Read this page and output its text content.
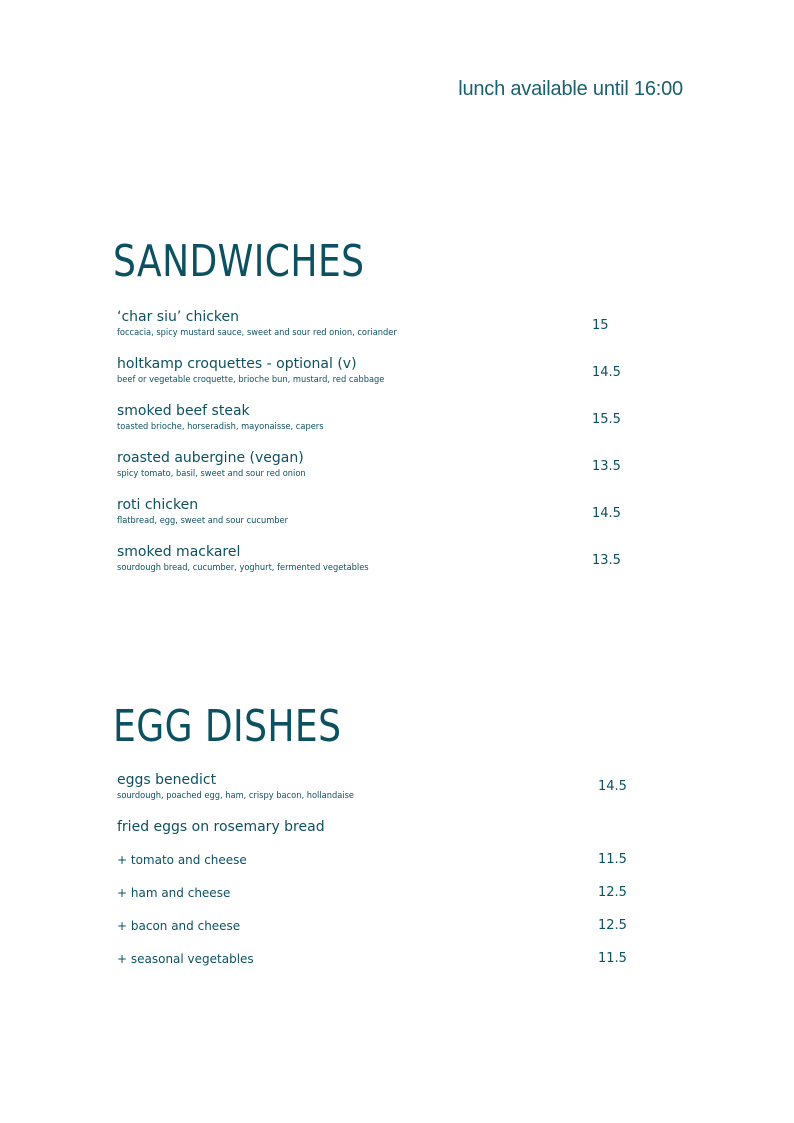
lunch available until 16:00
SANDWICHES
‘char siu’ chicken
foccacia, spicy mustard sauce, sweet and sour red onion, coriander	15
holtkamp croquettes - optional (v)
beef or vegetable croquette, brioche bun, mustard, red cabbage	14.5
smoked beef steak
toasted brioche, horseradish, mayonaisse, capers	15.5
roasted aubergine (vegan)
spicy tomato, basil, sweet and sour red onion	13.5
roti chicken
flatbread, egg, sweet and sour cucumber	14.5
smoked mackarel
sourdough bread, cucumber, yoghurt, fermented vegetables	13.5
EGG DISHES
eggs benedict
sourdough, poached egg, ham, crispy bacon, hollandaise
14.5
fried eggs on rosemary bread
+ tomato and cheese	11.5
+ ham and cheese	12.5
+ bacon and cheese	12.5
+ seasonal vegetables	11.5
